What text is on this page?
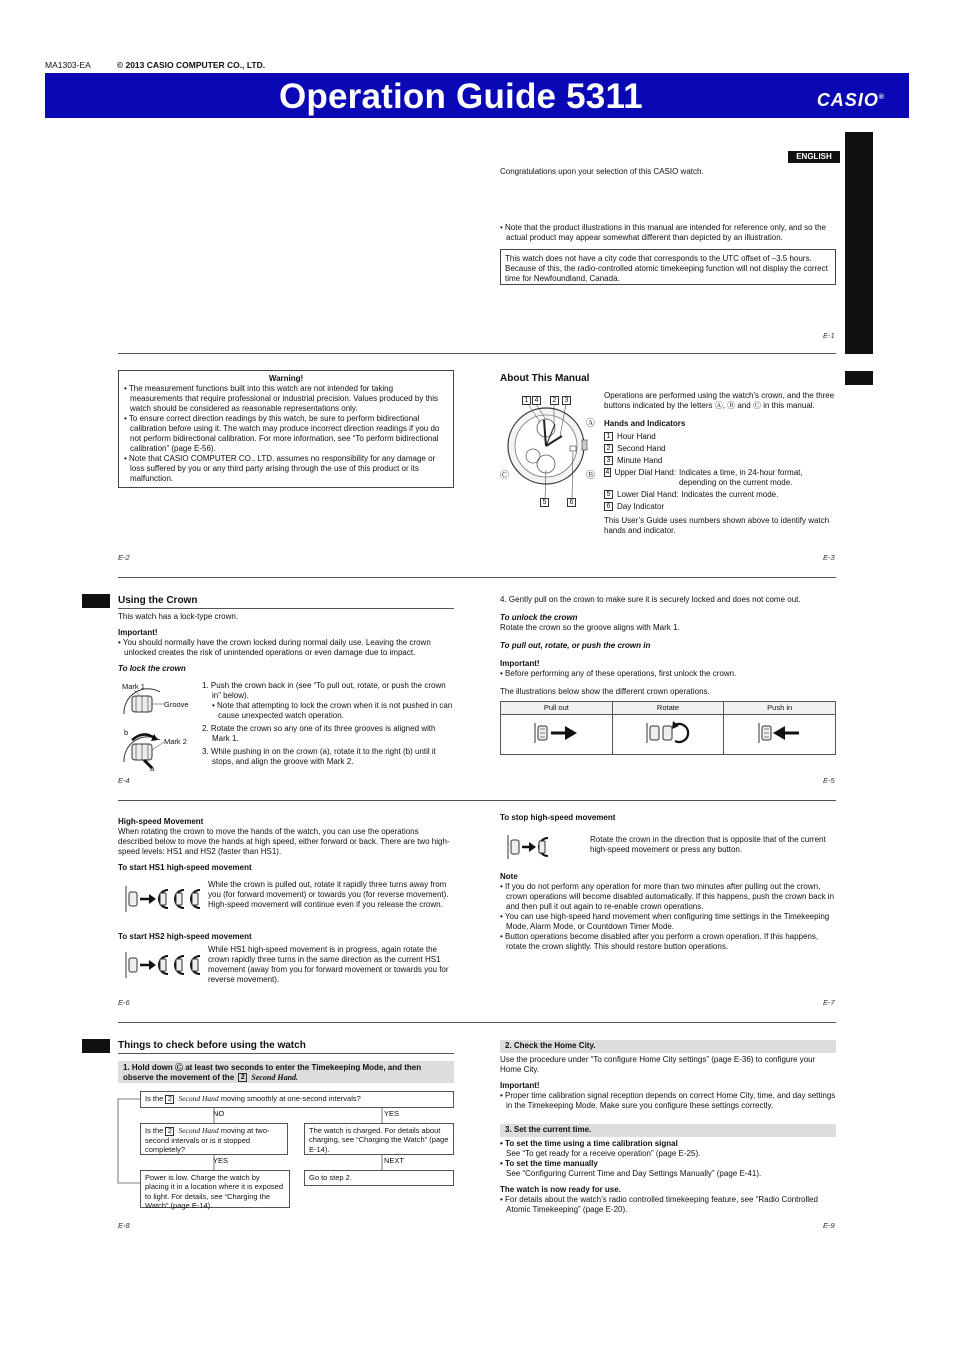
MA1303-EA	© 2013 CASIO COMPUTER CO., LTD.
Operation Guide 5311	CASIO®
ENGLISH
Congratulations upon your selection of this CASIO watch.
• Note that the product illustrations in this manual are intended for reference only, and so the actual product may appear somewhat different than depicted by an illustration.
This watch does not have a city code that corresponds to the UTC offset of –3.5 hours. Because of this, the radio-controlled atomic timekeeping function will not display the correct time for Newfoundland, Canada.
E-1
Warning!
• The measurement functions built into this watch are not intended for taking measurements that require professional or industrial precision. Values produced by this watch should be considered as reasonable representations only.
• To ensure correct direction readings by this watch, be sure to perform bidirectional calibration before using it. The watch may produce incorrect direction readings if you do not perform bidirectional calibration. For more information, see “To perform bidirectional calibration” (page E-56).
• Note that CASIO COMPUTER CO., LTD. assumes no responsibility for any damage or loss suffered by you or any third party arising through the use of this product or its malfunction.
E-2
About This Manual
1 4	2	3
5	6
Ⓐ
Ⓑ
Ⓒ
Operations are performed using the watch’s crown, and the three buttons indicated by the letters Ⓐ, Ⓑ and Ⓒ in this manual.
Hands and Indicators
1 Hour Hand
2 Second Hand
3 Minute Hand
4 Upper Dial Hand: Indicates a time, in 24-hour format, depending on the current mode.
5 Lower Dial Hand: Indicates the current mode.
6 Day Indicator
This User’s Guide uses numbers shown above to identify watch hands and indicator.
E-3
Using the Crown
This watch has a lock-type crown.
Important!
• You should normally have the crown locked during normal daily use. Leaving the crown unlocked creates the risk of unintended operations or even damage due to impact.
To lock the crown
Mark 1
Groove
Mark 2
b
a
1. Push the crown back in (see “To pull out, rotate, or push the crown in” below).
• Note that attempting to lock the crown when it is not pushed in can cause unexpected watch operation.
2. Rotate the crown so any one of its three grooves is aligned with Mark 1.
3. While pushing in on the crown (a), rotate it to the right (b) until it stops, and align the groove with Mark 2.
E-4
4. Gently pull on the crown to make sure it is securely locked and does not come out.
To unlock the crown
Rotate the crown so the groove aligns with Mark 1.
To pull out, rotate, or push the crown in
Important!
• Before performing any of these operations, first unlock the crown.
The illustrations below show the different crown operations.
Pull out	Rotate	Push in

E-5
High-speed Movement
When rotating the crown to move the hands of the watch, you can use the operations described below to move the hands at high speed, either forward or back. There are two high-speed levels: HS1 and HS2 (faster than HS1).
To start HS1 high-speed movement
While the crown is pulled out, rotate it rapidly three turns away from you (for forward movement) or towards you (for reverse movement). High-speed movement will continue even if you release the crown.
To start HS2 high-speed movement
While HS1 high-speed movement is in progress, again rotate the crown rapidly three turns in the same direction as the current HS1 movement (away from you for forward movement or towards you for reverse movement).
E-6
To stop high-speed movement
Rotate the crown in the direction that is opposite that of the current high-speed movement or press any button.
Note
• If you do not perform any operation for more than two minutes after pulling out the crown, crown operations will become disabled automatically. If this happens, push the crown back in and then pull it out again to re-enable crown operations.
• You can use high-speed hand movement when configuring time settings in the Timekeeping Mode, Alarm Mode, or Countdown Timer Mode.
• Button operations become disabled after you perform a crown operation. If this happens, rotate the crown slightly. This should restore button operations.
E-7
Things to check before using the watch
1. Hold down Ⓒ at least two seconds to enter the Timekeeping Mode, and then observe the movement of the 2 Second Hand.
Is the 2 Second Hand moving smoothly at one-second intervals?
NO	YES
Is the 2 Second Hand moving at two-second intervals or is it stopped completely?
The watch is charged. For details about charging, see “Charging the Watch” (page E-14).
YES	NEXT
Power is low. Charge the watch by placing it in a location where it is exposed to light. For details, see “Charging the Watch” (page E-14).
Go to step 2.
E-8
2. Check the Home City.
Use the procedure under “To configure Home City settings” (page E-36) to configure your Home City.
Important!
• Proper time calibration signal reception depends on correct Home City, time, and day settings in the Timekeeping Mode. Make sure you configure these settings correctly.
3. Set the current time.
• To set the time using a time calibration signal
See “To get ready for a receive operation” (page E-25).
• To set the time manually
See “Configuring Current Time and Day Settings Manually” (page E-41).
The watch is now ready for use.
• For details about the watch’s radio controlled timekeeping feature, see “Radio Controlled Atomic Timekeeping” (page E-20).
E-9
